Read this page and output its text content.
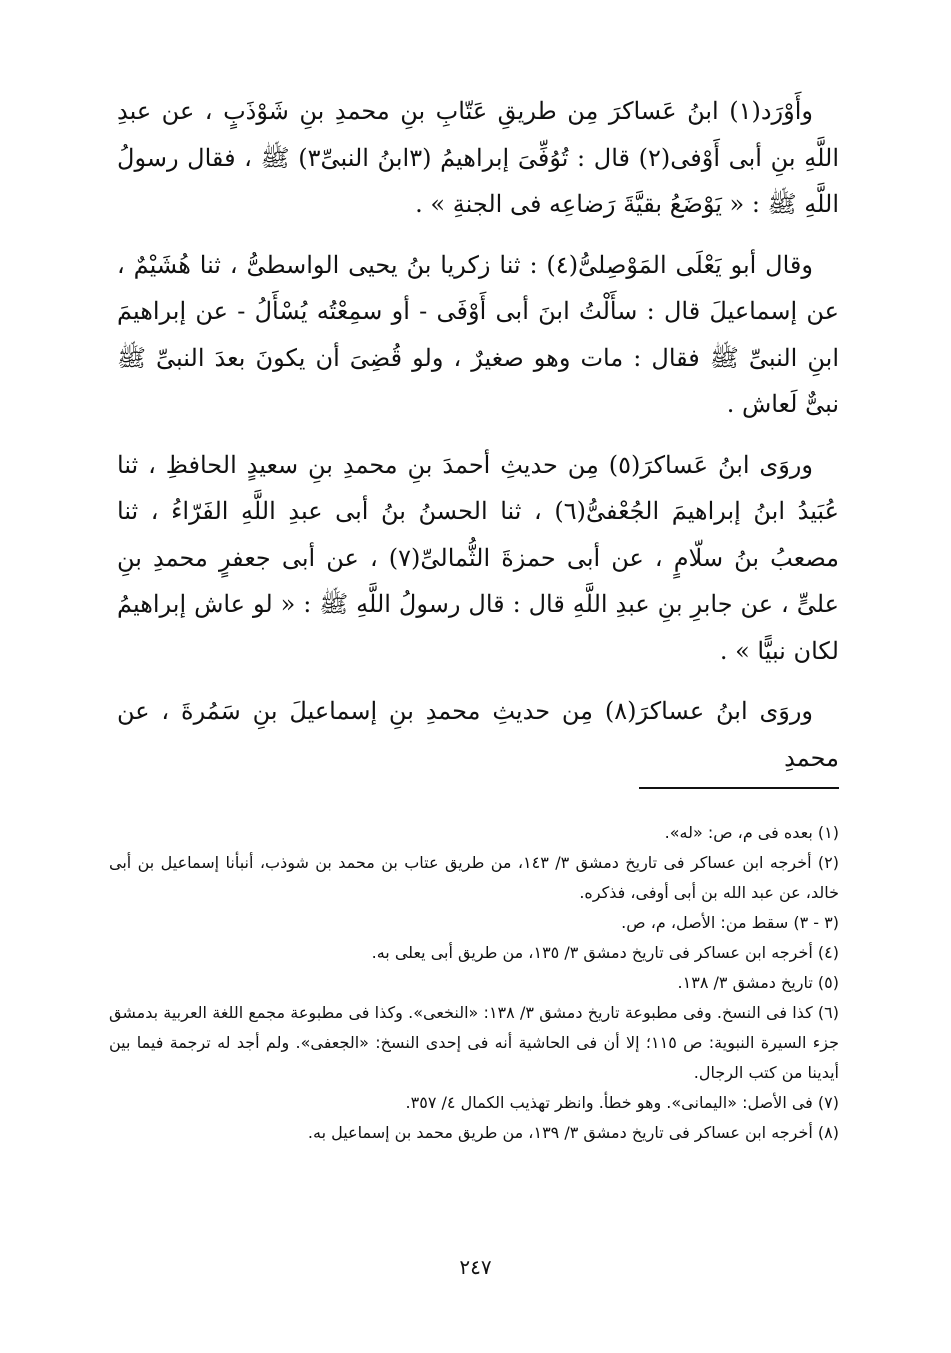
وأَوْرَد(١) ابنُ عَساكرَ مِن طريقِ عَتّابِ بنِ محمدِ بنِ شَوْذَبٍ ، عن عبدِ اللَّهِ بنِ أبى أَوْفى(٢) قال : تُوُفِّىَ إبراهيمُ (٣ابنُ النبىِّ٣) ﷺ ، فقال رسولُ اللَّهِ ﷺ : « يَوْضَعُ بقيَّةَ رَضاعِه فى الجنةِ » .

وقال أبو يَعْلَى المَوْصِلىُّ(٤) : ثنا زكريا بنُ يحيى الواسطىُّ ، ثنا هُشَيْمٌ ، عن إسماعيلَ قال : سأَلْتُ ابنَ أبى أَوْفَى - أو سمِعْتُه يُسْأَلُ - عن إبراهيمَ ابنِ النبىِّ ﷺ فقال : مات وهو صغيرٌ ، ولو قُضِىَ أن يكونَ بعدَ النبىِّ ﷺ نبىٌّ لَعاش .

وروَى ابنُ عَساكرَ(٥) مِن حديثِ أحمدَ بنِ محمدِ بنِ سعيدٍ الحافظِ ، ثنا عُبَيدُ ابنُ إبراهيمَ الجُعْفىُّ(٦) ، ثنا الحسنُ بنُ أبى عبدِ اللَّهِ الفَرّاءُ ، ثنا مصعبُ بنُ سلّامٍ ، عن أبى حمزةَ الثُّمالىِّ(٧) ، عن أبى جعفرٍ محمدِ بنِ علىٍّ ، عن جابرِ بنِ عبدِ اللَّهِ قال : قال رسولُ اللَّهِ ﷺ : « لو عاش إبراهيمُ لكان نبيًّا » .

وروَى ابنُ عساكرَ(٨) مِن حديثِ محمدِ بنِ إسماعيلَ بنِ سَمُرةَ ، عن محمدِ

(١) بعده فى م، ص: «له».

(٢) أخرجه ابن عساكر فى تاريخ دمشق ٣/ ١٤٣، من طريق عتاب بن محمد بن شوذب، أنبأنا إسماعيل بن أبى خالد، عن عبد الله بن أبى أوفى، فذكره.

(٣ - ٣) سقط من: الأصل، م، ص.

(٤) أخرجه ابن عساكر فى تاريخ دمشق ٣/ ١٣٥، من طريق أبى يعلى به.

(٥) تاريخ دمشق ٣/ ١٣٨.

(٦) كذا فى النسخ. وفى مطبوعة تاريخ دمشق ٣/ ١٣٨: «النخعى». وكذا فى مطبوعة مجمع اللغة العربية بدمشق جزء السيرة النبوية: ص ١١٥؛ إلا أن فى الحاشية أنه فى إحدى النسخ: «الجعفى». ولم أجد له ترجمة فيما بين أيدينا من كتب الرجال.

(٧) فى الأصل: «اليمانى». وهو خطأ. وانظر تهذيب الكمال ٤/ ٣٥٧.

(٨) أخرجه ابن عساكر فى تاريخ دمشق ٣/ ١٣٩، من طريق محمد بن إسماعيل به.

٢٤٧
